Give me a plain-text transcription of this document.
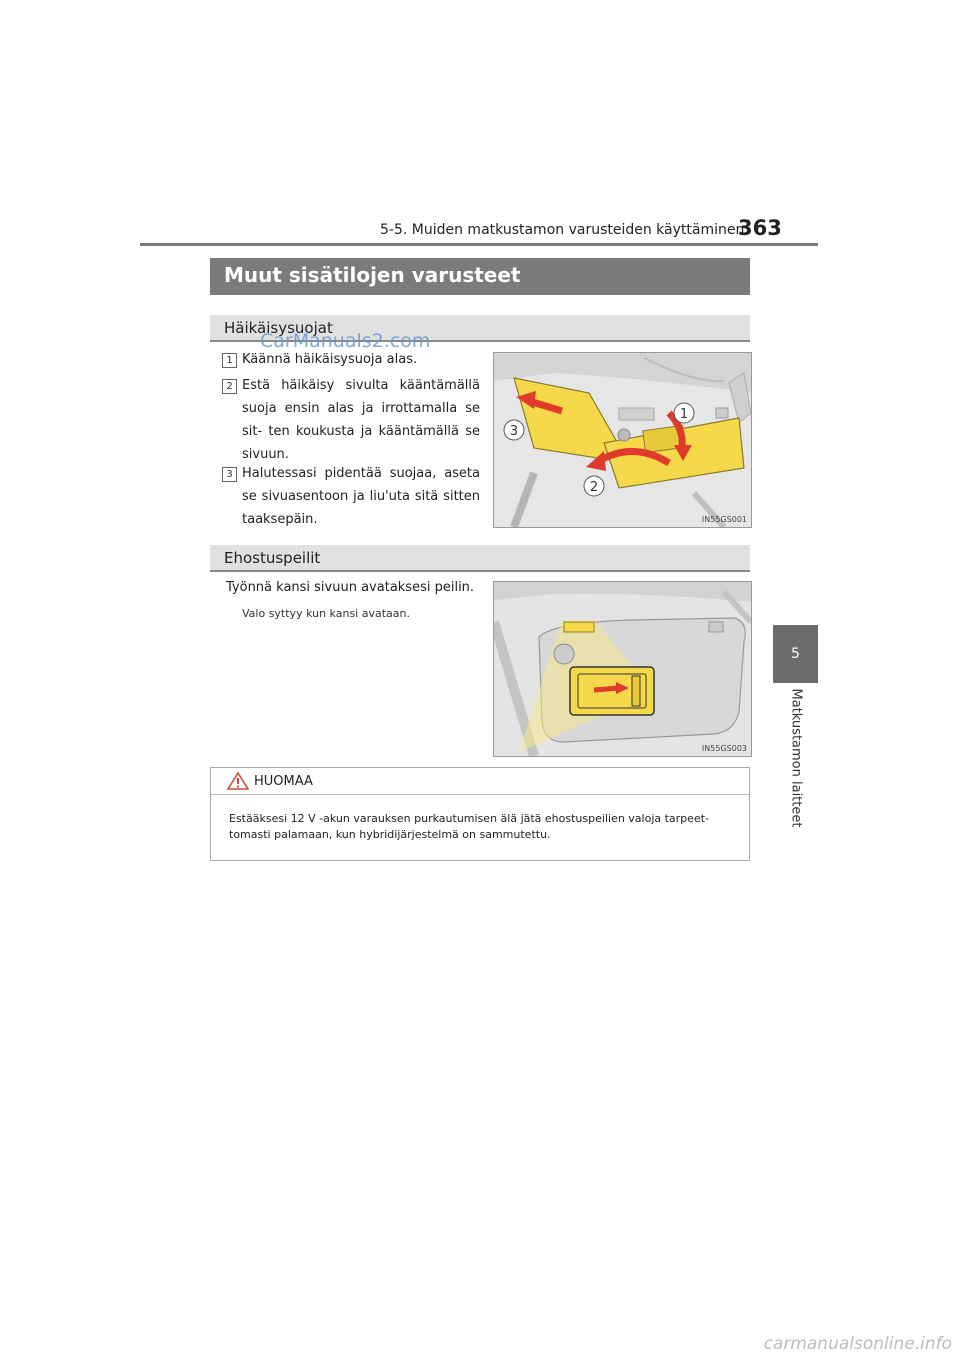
5-5. Muiden matkustamon varusteiden käyttäminen
363
5
Matkustamon laitteet
Muut sisätilojen varusteet
Häikäisysuojat
CarManuals2.com
1 Käännä häikäisysuoja alas.
2 Estä häikäisy sivulta kääntämällä suoja ensin alas ja irrottamalla se sit- ten koukusta ja kääntämällä se sivuun.
3 Halutessasi pidentää suojaa, aseta se sivuasentoon ja liu'uta sitä sitten taaksepäin.
1
2
3
IN55GS001
Ehostuspeilit
Työnnä kansi sivuun avataksesi peilin.
Valo syttyy kun kansi avataan.
IN55GS003
HUOMAA
Estääksesi 12 V -akun varauksen purkautumisen älä jätä ehostuspeilien valoja tarpeet- tomasti palamaan, kun hybridijärjestelmä on sammutettu.
carmanualsonline.info
